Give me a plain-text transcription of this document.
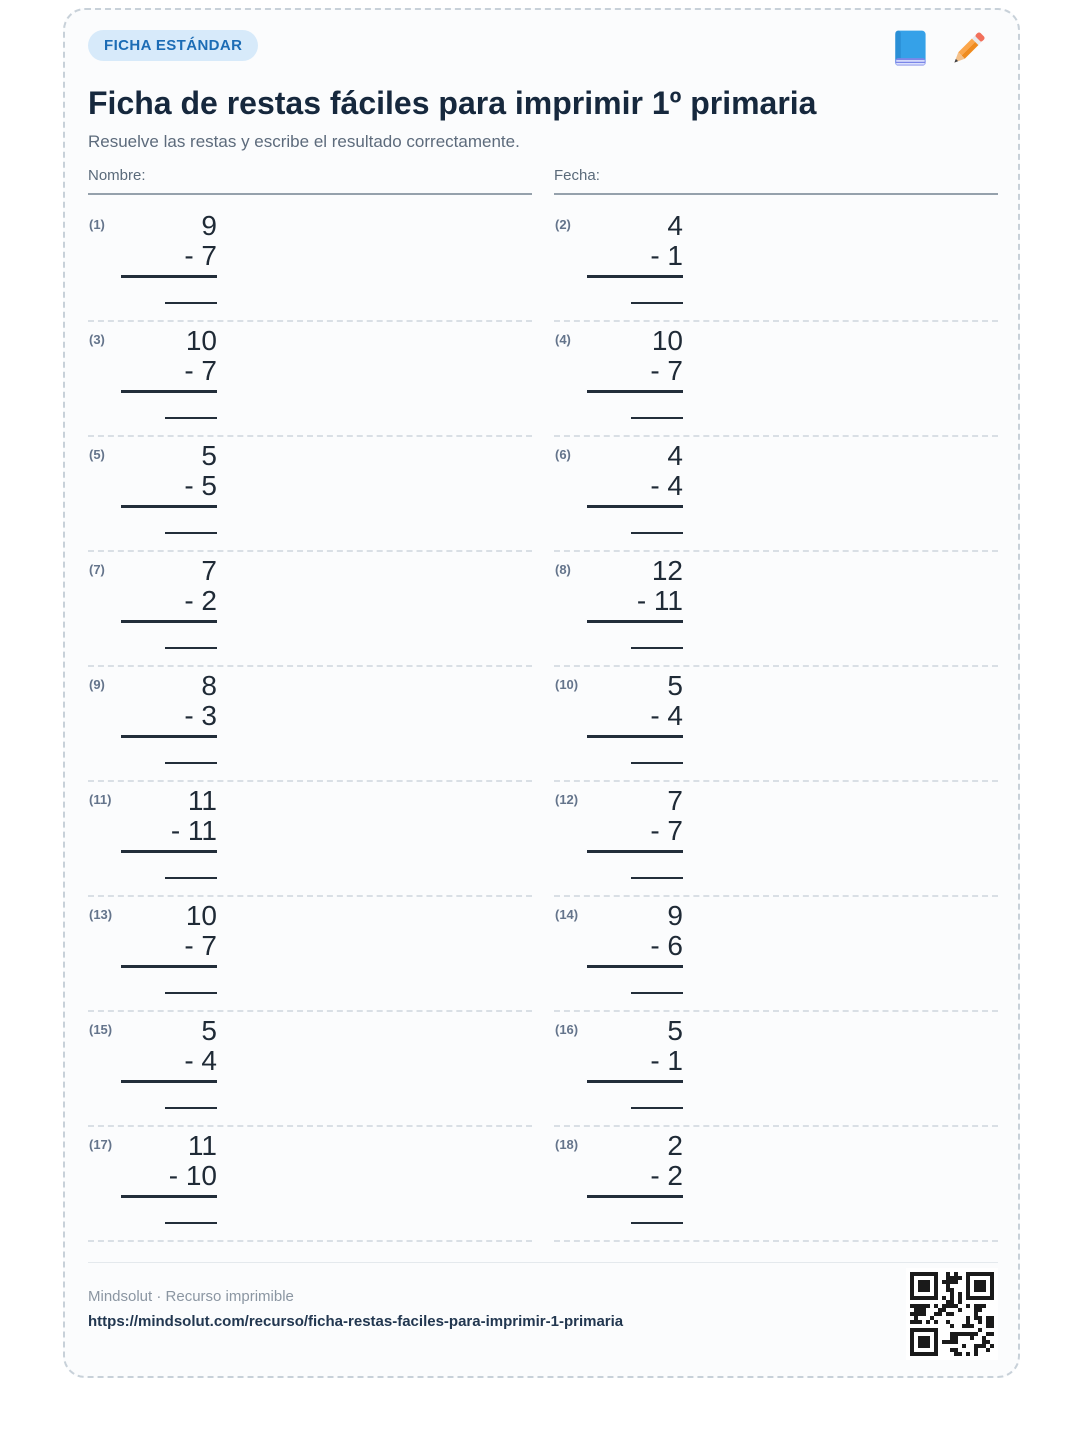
FICHA ESTÁNDAR
Ficha de restas fáciles para imprimir 1º primaria
Resuelve las restas y escribe el resultado correctamente.
Nombre:	Fecha:
(1)	9
- 7
(2)	4
- 1
(3)	10
- 7
(4)	10
- 7
(5)	5
- 5
(6)	4
- 4
(7)	7
- 2
(8)	12
- 11
(9)	8
- 3
(10)	5
- 4
(11)	11
- 11
(12)	7
- 7
(13)	10
- 7
(14)	9
- 6
(15)	5
- 4
(16)	5
- 1
(17)	11
- 10
(18)	2
- 2
Mindsolut · Recurso imprimible
https://mindsolut.com/recurso/ficha-restas-faciles-para-imprimir-1-primaria
